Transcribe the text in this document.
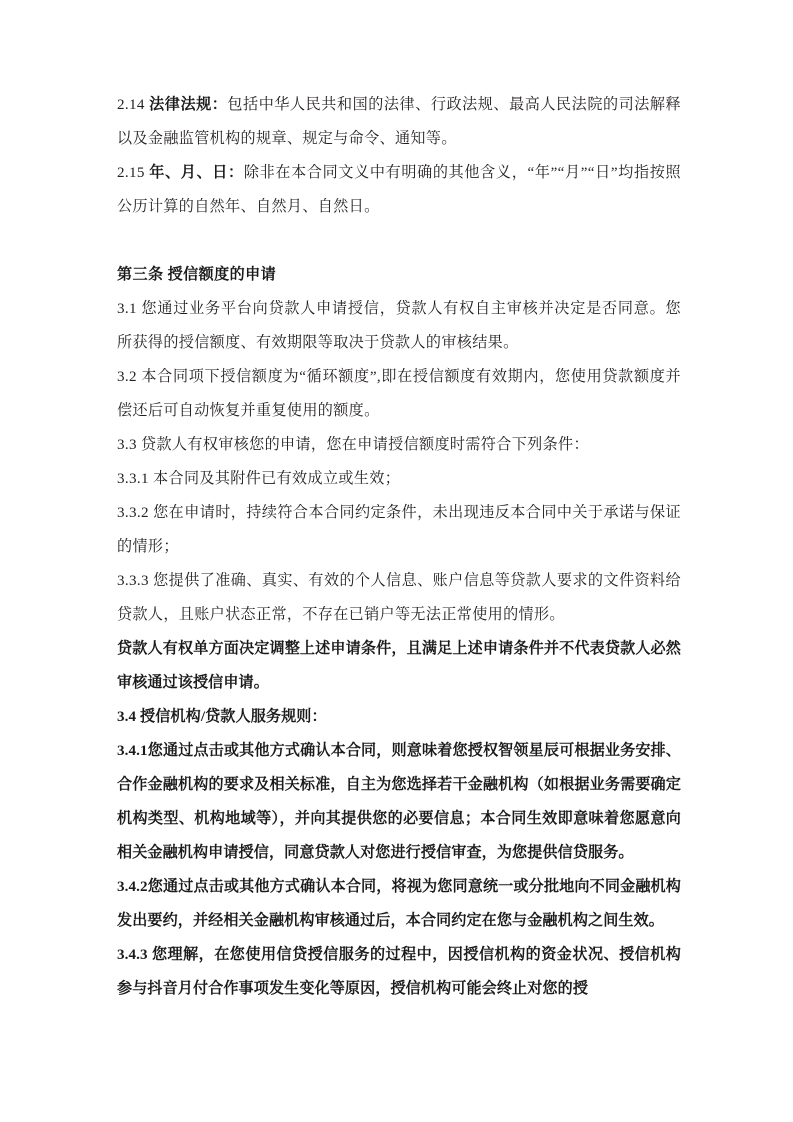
2.14 法律法规：包括中华人民共和国的法律、行政法规、最高人民法院的司法解释以及金融监管机构的规章、规定与命令、通知等。

2.15 年、月、日：除非在本合同文义中有明确的其他含义，“年”“月”“日”均指按照公历计算的自然年、自然月、自然日。

第三条 授信额度的申请

3.1 您通过业务平台向贷款人申请授信，贷款人有权自主审核并决定是否同意。您所获得的授信额度、有效期限等取决于贷款人的审核结果。

3.2 本合同项下授信额度为“循环额度”,即在授信额度有效期内，您使用贷款额度并偿还后可自动恢复并重复使用的额度。

3.3 贷款人有权审核您的申请，您在申请授信额度时需符合下列条件：

3.3.1 本合同及其附件已有效成立或生效；

3.3.2 您在申请时，持续符合本合同约定条件，未出现违反本合同中关于承诺与保证的情形；

3.3.3 您提供了准确、真实、有效的个人信息、账户信息等贷款人要求的文件资料给贷款人，且账户状态正常，不存在已销户等无法正常使用的情形。

贷款人有权单方面决定调整上述申请条件，且满足上述申请条件并不代表贷款人必然审核通过该授信申请。

3.4 授信机构/贷款人服务规则：

3.4.1您通过点击或其他方式确认本合同，则意味着您授权智领星辰可根据业务安排、合作金融机构的要求及相关标准，自主为您选择若干金融机构（如根据业务需要确定机构类型、机构地域等），并向其提供您的必要信息；本合同生效即意味着您愿意向相关金融机构申请授信，同意贷款人对您进行授信审查，为您提供信贷服务。

3.4.2您通过点击或其他方式确认本合同，将视为您同意统一或分批地向不同金融机构发出要约，并经相关金融机构审核通过后，本合同约定在您与金融机构之间生效。

3.4.3 您理解，在您使用信贷授信服务的过程中，因授信机构的资金状况、授信机构参与抖音月付合作事项发生变化等原因，授信机构可能会终止对您的授
